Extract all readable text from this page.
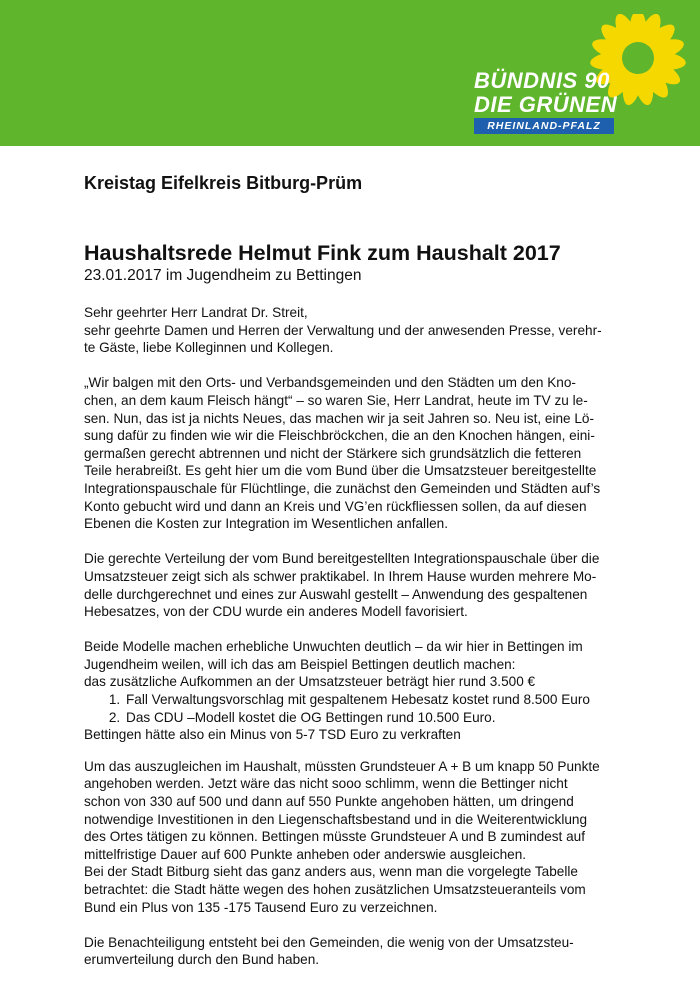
BÜNDNIS 90
DIE GRÜNEN
RHEINLAND-PFALZ

Kreistag Eifelkreis Bitburg-Prüm

Haushaltsrede Helmut Fink zum Haushalt 2017

23.01.2017 im Jugendheim zu Bettingen

Sehr geehrter Herr Landrat Dr. Streit,
sehr geehrte Damen und Herren der Verwaltung und der anwesenden Presse, verehr-
te Gäste, liebe Kolleginnen und Kollegen.
„Wir balgen mit den Orts- und Verbandsgemeinden und den Städten um den Kno-
chen, an dem kaum Fleisch hängt“ – so waren Sie, Herr Landrat, heute im TV zu le-
sen. Nun, das ist ja nichts Neues, das machen wir ja seit Jahren so. Neu ist, eine Lö-
sung dafür zu finden wie wir die Fleischbröckchen, die an den Knochen hängen, eini-
germaßen gerecht abtrennen und nicht der Stärkere sich grundsätzlich die fetteren
Teile herabreißt. Es geht hier um die vom Bund über die Umsatzsteuer bereitgestellte
Integrationspauschale für Flüchtlinge, die zunächst den Gemeinden und Städten auf’s
Konto gebucht wird und dann an Kreis und VG’en rückfliessen sollen, da auf diesen
Ebenen die Kosten zur Integration im Wesentlichen anfallen.
Die gerechte Verteilung der vom Bund bereitgestellten Integrationspauschale über die
Umsatzsteuer zeigt sich als schwer praktikabel. In Ihrem Hause wurden mehrere Mo-
delle durchgerechnet und eines zur Auswahl gestellt – Anwendung des gespaltenen
Hebesatzes, von der CDU wurde ein anderes Modell favorisiert.
Beide Modelle machen erhebliche Unwuchten deutlich – da wir hier in Bettingen im
Jugendheim weilen, will ich das am Beispiel Bettingen deutlich machen:
das zusätzliche Aufkommen an der Umsatzsteuer beträgt hier rund 3.500 €
1. Fall Verwaltungsvorschlag mit gespaltenem Hebesatz kostet rund 8.500 Euro
2. Das CDU –Modell kostet die OG Bettingen rund 10.500 Euro.
Bettingen hätte also ein Minus von 5-7 TSD Euro zu verkraften
Um das auszugleichen im Haushalt, müssten Grundsteuer A + B um knapp 50 Punkte
angehoben werden. Jetzt wäre das nicht sooo schlimm, wenn die Bettinger nicht
schon von 330 auf 500 und dann auf 550 Punkte angehoben hätten, um dringend
notwendige Investitionen in den Liegenschaftsbestand und in die Weiterentwicklung
des Ortes tätigen zu können. Bettingen müsste Grundsteuer A und B zumindest auf
mittelfristige Dauer auf 600 Punkte anheben oder anderswie ausgleichen.
Bei der Stadt Bitburg sieht das ganz anders aus, wenn man die vorgelegte Tabelle
betrachtet: die Stadt hätte wegen des hohen zusätzlichen Umsatzsteueranteils vom
Bund ein Plus von 135 -175 Tausend Euro zu verzeichnen.
Die Benachteiligung entsteht bei den Gemeinden, die wenig von der Umsatzsteu-
erumverteilung durch den Bund haben.
